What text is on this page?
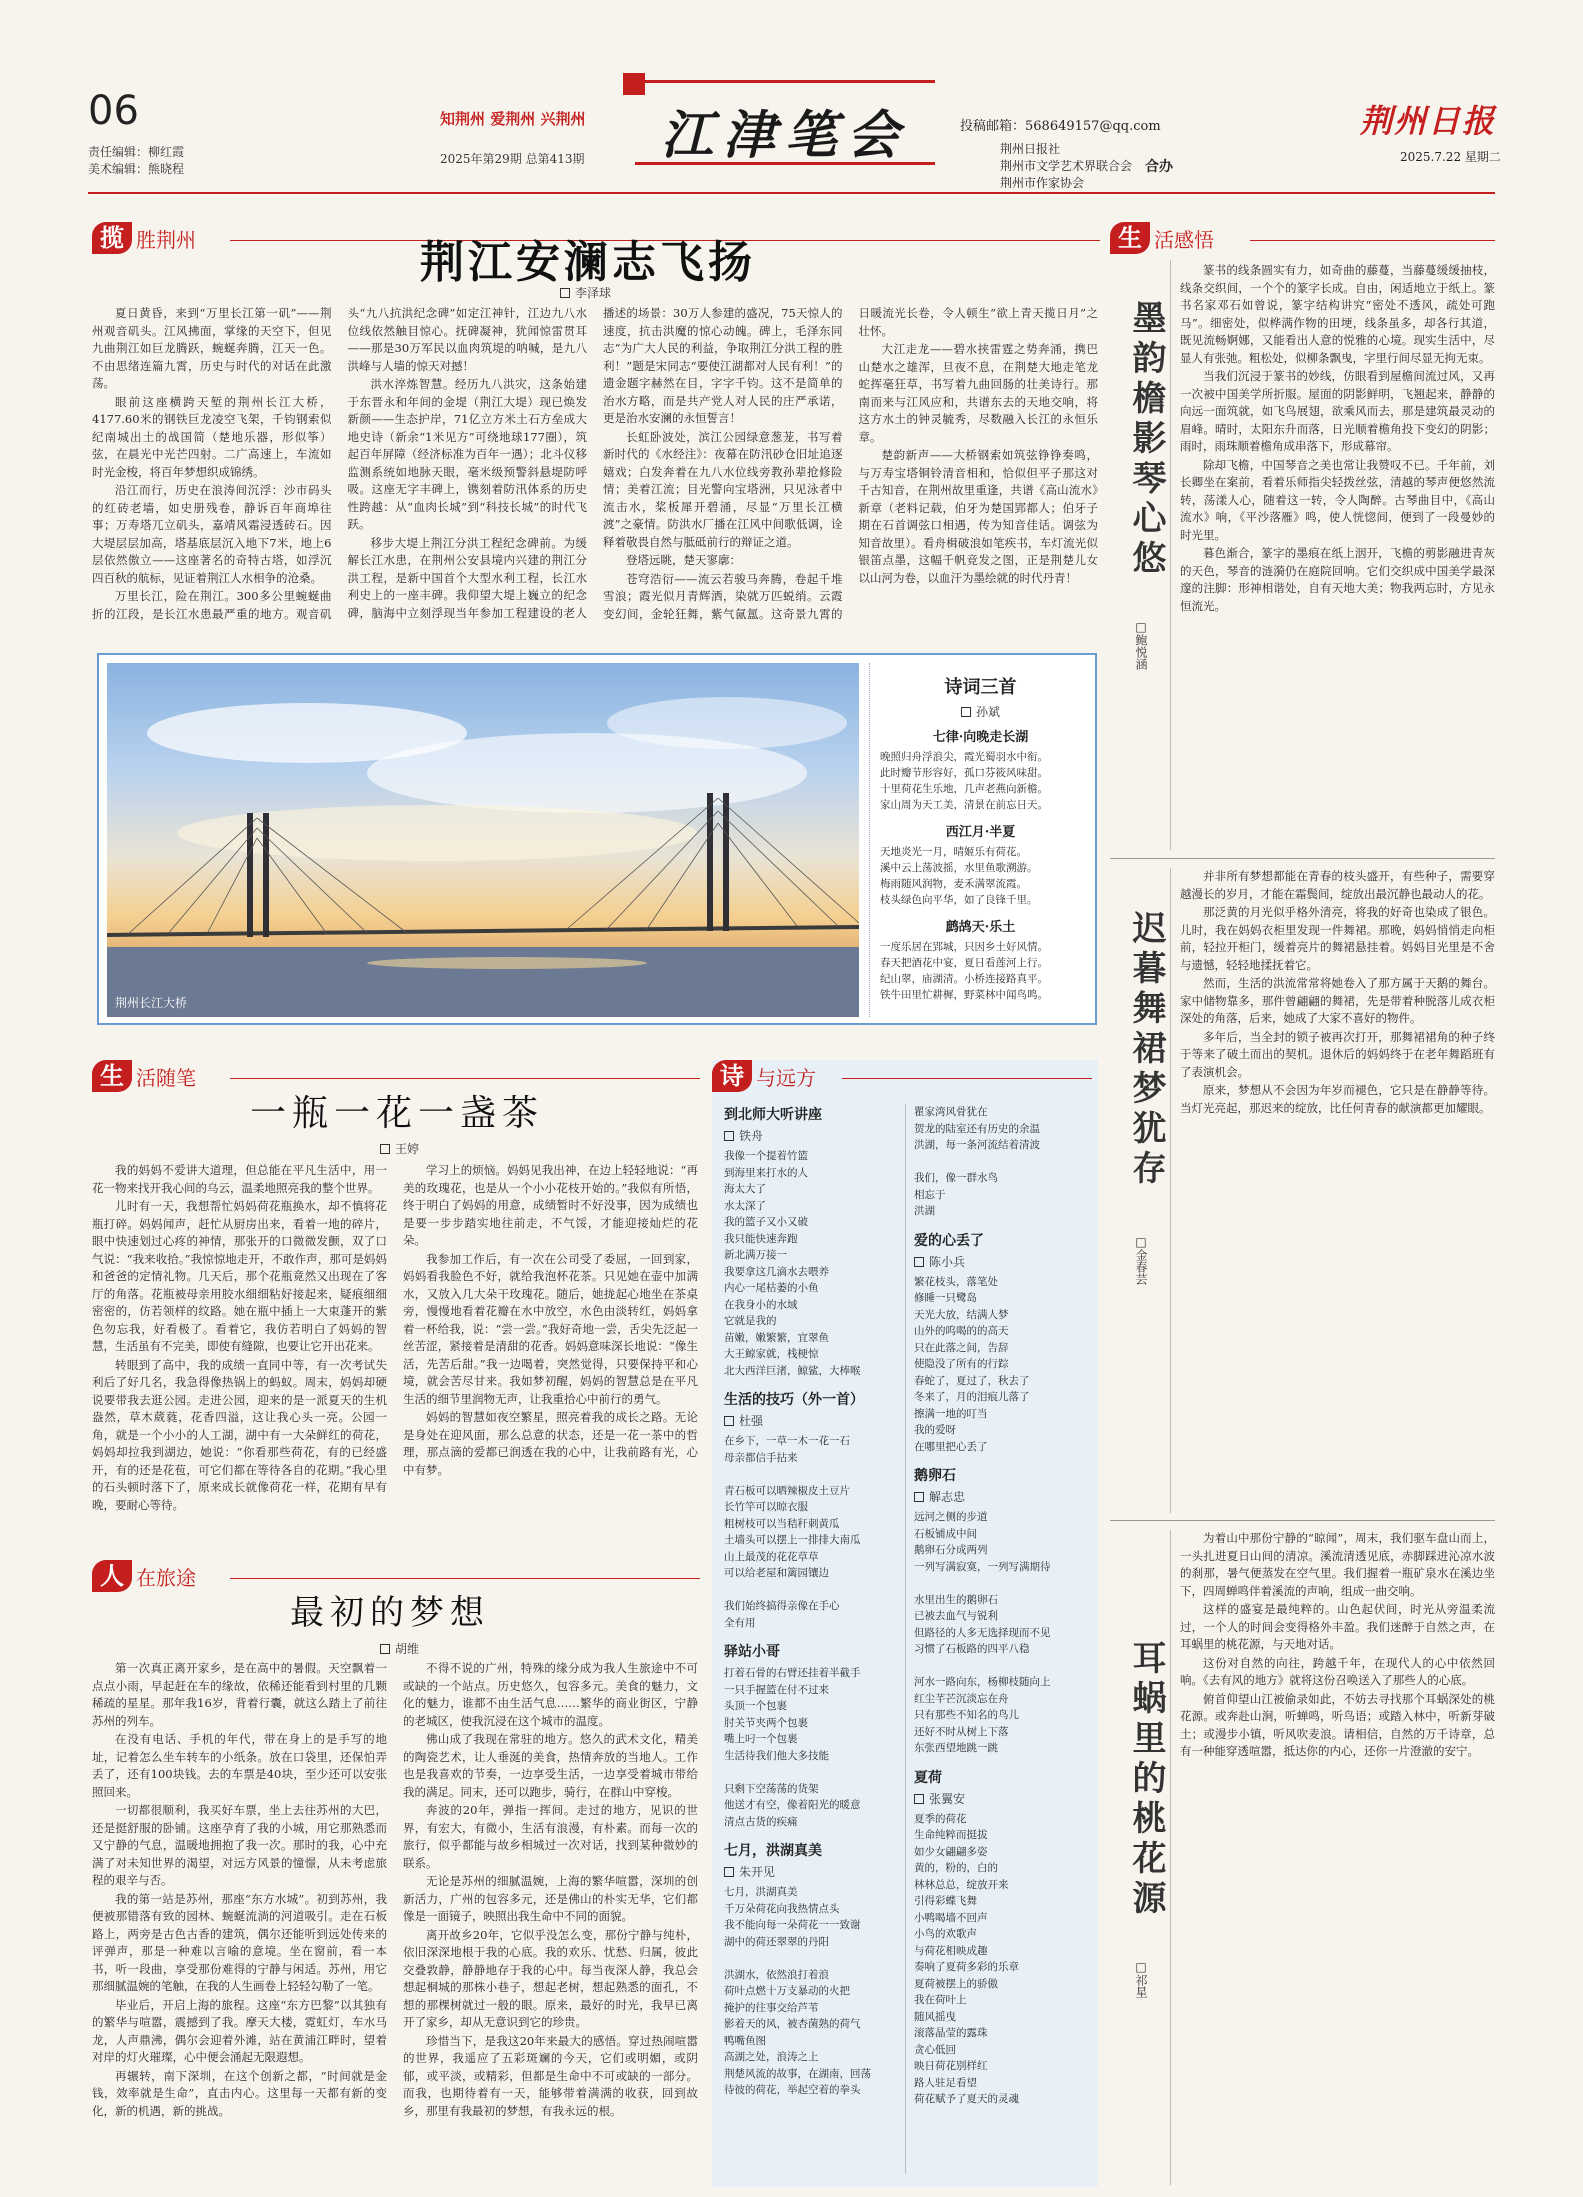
06	知荆州 爱荆州 兴荆州
责任编辑：柳红霞
美术编辑：熊晓程
2025年第29期 总第413期	江津笔会	投稿邮箱：568649157@qq.com
荆州日报社
荆州市文学艺术界联合会 合办
荆州市作家协会
荆州日报
2025.7.22 星期二
揽 胜荆州	荆江安澜志飞扬
李泽球

夏日黄昏，来到“万里长江第一矶”——荆州观音矶头。江风拂面，掌缘的天空下，但见九曲荆江如巨龙腾跃，蜿蜒奔腾，江天一色。不由思绪连篇九霄，历史与时代的对话在此激荡。

眼前这座横跨天堑的荆州长江大桥，4177.60米的钢铁巨龙凌空飞架，千钧钢索似纪南城出土的战国简（楚地乐器，形似筝）弦，在晨光中光芒四射。二广高速上，车流如时光金梭，将百年梦想织成锦绣。

沿江而行，历史在浪涛间沉浮：沙市码头的红砖老墙，如史册残卷，静诉百年商埠往事；万寿塔兀立矶头，嘉靖风霜浸透砖石。因大堤层层加高，塔基底层沉入地下7米，地上6层依然傲立——这座著名的奇特古塔，如浮沉四百秋的航标，见证着荆江人水相争的沧桑。

万里长江，险在荆江。300多公里蜿蜒曲折的江段，是长江水患最严重的地方。观音矶头“九八抗洪纪念碑”如定江神针，江边九八水位线依然触目惊心。抚碑凝神，犹闻惊雷贯耳——那是30万军民以血肉筑堤的呐喊，是九八洪峰与人墙的惊天对撼！

洪水淬炼智慧。经历九八洪灾，这条始建于东晋永和年间的金堤（荆江大堤）现已焕发新颜——生态护岸，71亿立方米土石方垒成大地史诗（新余“1米见方”可绕地球177圈），筑起百年屏障（经济标准为百年一遇）；北斗仪移监测系统如地脉天眼，毫米级预警斜悬堤防呼吸。这座无字丰碑上，镌刻着防汛体系的历史性跨越：从“血肉长城”到“科技长城”的时代飞跃。

移步大堤上荆江分洪工程纪念碑前。为缓解长江水患，在荆州公安县境内兴建的荆江分洪工程，是新中国首个大型水利工程，长江水利史上的一座丰碑。我仰望大堤上巍立的纪念碑，脑海中立刻浮现当年参加工程建设的老人播述的场景：30万人参建的盛况，75天惊人的速度，抗击洪魔的惊心动魄。碑上，毛泽东同志“为广大人民的利益，争取荆江分洪工程的胜利！”题是宋同志“要使江湖都对人民有利！”的遗金题字赫然在目，字字千钧。这不是简单的治水方略，而是共产党人对人民的庄严承诺，更是治水安澜的永恒誓言！

长虹卧波处，滨江公园绿意葱茏，书写着新时代的《水经注》：夜幕在防汛砂仓旧址追逐嬉戏；白发奔着在九八水位线旁教孙辈抢修险情；美着江流；目光警向宝塔洲，只见泳者中流击水，桨板犀开碧涌，尽显“万里长江横渡”之豪情。防洪水厂播在江风中间歌低调，诠释着敬畏自然与胝砥前行的辩证之道。

登塔远眺，楚天寥廓：

苍穹浩衍——流云若骏马奔腾，卷起千堆雪浪；霞光似月青辉洒，染就万匹蜕绡。云霞变幻间，金轮狂舞，紫气氤氲。这奇景九霄的日暖流光长卷，令人顿生“欲上青天揽日月”之壮怀。

大江走龙——碧水挟雷霆之势奔涌，携巴山楚水之雄浑，旦夜不息，在荆楚大地走笔龙蛇挥毫狂草，书写着九曲回肠的壮美诗行。那南而来与江风应和，共谱东去的天地交响，将这方水土的钟灵毓秀，尽数融入长江的永恒乐章。

楚韵新声——大桥钢索如筑弦铮铮奏鸣，与万寿宝塔铜铃清音相和，恰似但平子那这对千古知音，在荆州故里重逢，共谱《高山流水》新章（老料记载，伯牙为楚国郢都人；伯牙子期在石首调弦口相遇，传为知音佳话。调弦为知音故里）。看舟楫破浪如笔疾书，车灯流光似银笛点墨，这幅千帆竞发之图，正是荆楚儿女以山河为卷，以血汗为墨绘就的时代丹青！

荆州长江大桥
诗词三首
孙斌
七律·向晚走长湖
晚照归舟浮浪尖，霞光蜀羽水中衔。
此时瓣节形容好，孤口芬筱风味甜。
十里荷花生乐地，几声老燕向新檐。
家山周为天工美，清景在前忘日天。
西江月·半夏
天地炎光一月，晴姬乐有荷花。
溪中云上荡波摇，水里鱼歌溯游。
梅雨随风润物，麦禾满翠流霞。
枝头绿色向平华，如了良锋千里。
鹧鸪天·乐土
一度乐居在郢城，只因乡土好风情。
春天把酒花中宴，夏日看莲河上行。
纪山翠，庙湖清。小桥连接路真平。
铁牛田里忙耕樨，野菜林中闻鸟鸣。
生 活随笔
一瓶一花一盏茶
王婷

我的妈妈不爱讲大道理，但总能在平凡生活中，用一花一物来找开我心间的乌云，温柔地照亮我的整个世界。

儿时有一天，我想帮忙妈妈荷花瓶换水，却不慎将花瓶打碎。妈妈闻声，赶忙从厨房出来，看着一地的碎片，眼中快速划过心疼的神情，那张开的口微微发颤，双了口气说：“我来收拾。”我惊惊地走开，不敢作声，那可是妈妈和爸爸的定情礼物。几天后，那个花瓶竟然又出现在了客厅的角落。花瓶被母亲用胶水细细粘好接起来，疑痕细细密密的，仿若领样的纹路。她在瓶中插上一大束蓬开的紫色勿忘我，好看极了。看着它，我仿若明白了妈妈的智慧，生活虽有不完美，即使有缝隙，也要让它开出花来。

转眼到了高中，我的成绩一直同中等，有一次考试失利后了好几名，我急得像热锅上的蚂蚁。周末，妈妈却硬说要带我去逛公园。走进公园，迎来的是一派夏天的生机盎然，草木葳蕤，花香四溢，这让我心头一亮。公园一角，就是一个小小的人工湖，湖中有一大朵鲜红的荷花，妈妈却拉我到湖边，她说：“你看那些荷花，有的已经盛开，有的还是花苞，可它们都在等待各自的花期。”我心里的石头顿时落下了，原来成长就像荷花一样，花期有早有晚，要耐心等待。

学习上的烦恼。妈妈见我出神，在边上轻轻地说：“再美的玫瑰花，也是从一个小小花枝开始的。”我似有所悟，终于明白了妈妈的用意，成绩暂时不好没事，因为成绩也是要一步步踏实地往前走，不气馁，才能迎接灿烂的花朵。

我参加工作后，有一次在公司受了委屈，一回到家，妈妈看我脸色不好，就给我泡杯花茶。只见她在壶中加满水，又放入几大朵干玫瑰花。随后，她拢起心地坐在茶桌旁，慢慢地看着花瓣在水中放空，水色由淡转红，妈妈拿着一杯给我，说：“尝一尝。”我好奇地一尝，舌尖先泛起一丝苦涩，紧接着是清甜的花香。妈妈意味深长地说：“像生活，先苦后甜。”我一边喝着，突然觉得，只要保持平和心境，就会苦尽甘来。我如梦初醒，妈妈的智慧总是在平凡生活的细节里润物无声，让我重拾心中前行的勇气。

妈妈的智慧如夜空繁星，照亮着我的成长之路。无论是身处在迎风面，那么总意的状态，还是一花一茶中的哲理，那点滴的爱都已润透在我的心中，让我前路有光，心中有梦。

人 在旅途
最初的梦想
胡维

第一次真正离开家乡，是在高中的暑假。天空飘着一点点小雨，早起赶在车的缘故，依稀还能看到村里的几颗稀疏的星星。那年我16岁，背着行囊，就这么踏上了前往苏州的列车。

在没有电话、手机的年代，带在身上的是手写的地址，记着怎么坐车转车的小纸条。放在口袋里，还保怕弄丢了，还有100块钱。去的车票是40块，至少还可以安张照回来。

一切都很顺利，我买好车票，坐上去往苏州的大巴，还是挺舒服的卧铺。这座孕育了我的小城，用它那熟悉而又宁静的气息，温暖地拥抱了我一次。那时的我，心中充满了对未知世界的渴望，对远方风景的憧憬，从未考虑旅程的艰辛与否。

我的第一站是苏州，那座“东方水城”。初到苏州，我便被那错落有致的园林、蜿蜒流淌的河道吸引。走在石板路上，两旁是古色古香的建筑，偶尔还能听到远处传来的评弹声，那是一种难以言喻的意境。坐在窗前，看一本书，听一段曲，享受那份难得的宁静与闲适。苏州，用它那细腻温婉的笔触，在我的人生画卷上轻轻勾勒了一笔。

毕业后，开启上海的旅程。这座“东方巴黎”以其独有的繁华与喧嚣，震撼到了我。摩天大楼，霓虹灯，车水马龙，人声鼎沸，偶尔会迎着外滩，站在黄浦江畔时，望着对岸的灯火璀璨，心中便会涌起无限遐想。

再辗转，南下深圳，在这个创新之都，“时间就是金钱，效率就是生命”，直击内心。这里每一天都有新的变化，新的机遇，新的挑战。

不得不说的广州，特殊的缘分成为我人生旅途中不可或缺的一个站点。历史悠久，包容多元。美食的魅力，文化的魅力，谁都不由生活气息……繁华的商业街区，宁静的老城区，使我沉浸在这个城市的温度。

佛山成了我现在常驻的地方。悠久的武术文化，精美的陶瓷艺术，让人垂涎的美食，热情奔放的当地人。工作也是我喜欢的节奏，一边享受生活，一边享受着城市带给我的满足。同末，还可以跑步，骑行，在群山中穿梭。

奔波的20年，弹指一挥间。走过的地方，见识的世界，有宏大，有微小，生活有浪漫，有朴素。而每一次的旅行，似乎都能与故乡相城过一次对话，找到某种微妙的联系。

无论是苏州的细腻温婉，上海的繁华喧嚣，深圳的创新活力，广州的包容多元，还是佛山的朴实无华，它们都像是一面镜子，映照出我生命中不同的面貌。

离开故乡20年，它似乎没怎么变，那份宁静与纯朴，依旧深深地根于我的心底。我的欢乐、忧愁、归属，彼此交叠敦静，静静地存于我的心中。每当夜深人静，我总会想起桐城的那株小巷子，想起老树，想起熟悉的面孔，不想的那棵树就过一般的眼。原来，最好的时光，我早已离开了家乡，却从无意识到它的珍贵。

珍惜当下，是我这20年来最大的感悟。穿过热闹喧嚣的世界，我遥应了五彩斑斓的今天，它们或明媚，或阴郁，或平淡，或精彩，但都是生命中不可或缺的一部分。而我，也期待着有一天，能够带着满满的收获，回到故乡，那里有我最初的梦想，有我永远的根。

诗 与远方
到北师大听讲座
铁舟
我像一个提着竹篮
到海里来打水的人
海太大了
水太深了
我的篮子又小又破
我只能快速奔跑
新北满万接一
我要拿这几滴水去喂养
内心一尾枯萎的小鱼
在我身小的水域
它就是我的
苗嫩，嫩繁繁，宜翠鱼
大王鲸家就，栈梗惊
北大西洋巨渚，鲸鲨，大棒喉
生活的技巧（外一首）
杜强
在乡下，一草一木一花一石
母亲都信手拈来

青石板可以晒辣椒皮土豆片
长竹竿可以晾衣服
粗树枝可以当秸秆刺黄瓜
土墙头可以摆上一排排大南瓜
山上最茂的花花草草
可以给老屋和篱园镶边

我们始终搞得亲像在手心
全有用
驿站小哥
打着石骨的右臂还挂着半截手
一只手握篮在付不过来
头顶一个包裹
肘关节夹两个包裹
嘴上叼一个包裹
生活待我们他大多技能

只剩下空荡荡的货架
他送才有空，像着阳光的暖意
清点古货的疾痛
七月，洪湖真美
朱开见
七月，洪湖真美
千万朵荷花向我热情点头
我不能向每一朵荷花一一致谢
湖中的荷还翠翠的丹阳

洪湖水，依然浪打着浪
荷叶点燃十万支暴动的火把
掩护的往事交给芦苇
影着天的风，被杏菌熟的荷气
鸭嘴鱼图
高湖之处，浪涛之上
荆楚风流的故事，在湖南，回荡
待彼的荷花，举起空着的拳头
瞿家湾风骨犹在
贺龙的陆室还有历史的余温
洪湖，每一条河流结着清波

我们，像一群水鸟
相忘于
洪湖
爱的心丢了
陈小兵
繁花枝头，落笔处
修睡一只鹭岛
天光大放，结满人梦
山外的呜喝的的高天
只在此落之间，告辞
使隐没了所有的行踪
春蛇了，夏过了，秋去了
冬来了，月的泪痕儿落了
擦满一地的叮当
我的爱呀
在哪里把心丢了
鹅卵石
解志忠
远河之侧的步道
石板铺成中间
鹅卵石分成两列
一列写满寂寞，一列写满期待

水里出生的鹅卵石
已被去血气与锐利
但路径的人多无选择现而不见
习惯了石板路的四平八稳

河水一路向东，杨柳枝随向上
红尘芊芒沉淡忘在舟
只有那些不知名的鸟儿
还好不时从树上下落
东张西望地跳一跳
夏荷
张翼安
夏季的荷花
生命纯粹而挺拔
如少女翩翩多姿
黄的，粉的，白的
林林总总，绽放开来
引得彩蝶飞舞
小鸭喝墙不回声
小鸟的欢歌声
与荷花相映成趣
奏响了夏荷多彩的乐章
夏荷被摆上的骄傲
我在荷叶上
随风摇曳
滚落晶莹的露珠
贪心低回
映日荷花别样红
路人驻足看望
荷花赋予了夏天的灵魂
生 活感悟
墨韵檐影琴心悠
□鲍悦涵

篆书的线条圆实有力，如奇曲的藤蔓，当藤蔓缓缓抽枝，线条交织间，一个个的篆字长成。自由，闲适地立于纸上。篆书名家邓石如曾说，篆字结构讲究“密处不透风，疏处可跑马”。细密处，似桦满作物的田埂，线条虽多，却各行其道，既见流畅婀娜，又能看出人意的悦雅的心境。现实生活中，尽显人有张弛。粗松处，似柳条飘曳，字里行间尽显无拘无束。

当我们沉浸于篆书的妙线，仿眼看到屋檐间流过风，又再一次被中国美学所折服。屋面的阴影鲜明，飞翘起来，静静的向远一面筑就，如飞鸟展翅，欲乘风而去，那是建筑最灵动的眉峰。晴时，太阳东升而落，日光顺着檐角投下变幻的阴影；雨时，雨珠顺着檐角成串落下，形成幕帘。

除却飞檐，中国琴音之美也常让我赞叹不已。千年前，刘长卿坐在案前，看着乐师指尖轻拨丝弦，清越的琴声便悠然流转，荡漾人心，随着这一转，令人陶醉。古琴曲目中，《高山流水》响，《平沙落雁》鸣，使人恍惚间，便到了一段曼妙的时光里。

暮色渐合，篆字的墨痕在纸上洇开，飞檐的剪影融进青灰的天色，琴音的涟漪仍在庭院回响。它们交织成中国美学最深邃的注脚：形神相谐处，自有天地大美；物我两忘时，方见永恒流光。

迟暮舞裙梦犹存
□金春芸

并非所有梦想都能在青春的枝头盛开，有些种子，需要穿越漫长的岁月，才能在霜鬓间，绽放出最沉静也最动人的花。

那泛黄的月光似乎格外清亮，将我的好奇也染成了银色。儿时，我在妈妈衣柜里发现一件舞裙。那晚，妈妈悄悄走向柜前，轻拉开柜门，缓着亮片的舞裙悬挂着。妈妈目光里是不舍与遗憾，轻轻地揉抚着它。

然而，生活的洪流常常将她卷入了那方属于天鹅的舞台。家中储物靠多，那件曾翩翩的舞裙，先是带着种脱落儿成衣柜深处的角落，后来，她成了大家不喜好的物件。

多年后，当全封的锁子被再次打开，那舞裙裙角的种子终于等来了破土而出的契机。退休后的妈妈终于在老年舞蹈班有了表演机会。

原来，梦想从不会因为年岁而褪色，它只是在静静等待。当灯光亮起，那迟来的绽放，比任何青春的献演都更加耀眼。

耳蜗里的桃花源
□祁星

为着山中那份宁静的“晾闻”，周末，我们驱车盘山而上，一头扎进夏日山间的清凉。溪流清透见底，赤脚踩进沁凉水波的刹那，暑气便蒸发在空气里。我们握着一瓶矿泉水在溪边坐下，四周蝉鸣伴着溪流的声响，组成一曲交响。

这样的盛宴是最纯粹的。山色起伏间，时光从旁温柔流过，一个人的时间会变得格外丰盈。我们迷醉于自然之声，在耳蜗里的桃花源，与天地对话。

这份对自然的向往，跨越千年，在现代人的心中依然回响。《去有风的地方》就将这份召唤送入了那些人的心底。

俯首仰望山江被偷录如此，不妨去寻找那个耳蜗深处的桃花源。或奔赴山涧，听蝉鸣，听鸟语；或踏入林中，听新芽破土；或漫步小镇，听风吹麦浪。请相信，自然的万千诗章，总有一种能穿透喧嚣，抵达你的内心，还你一片澄澈的安宁。
